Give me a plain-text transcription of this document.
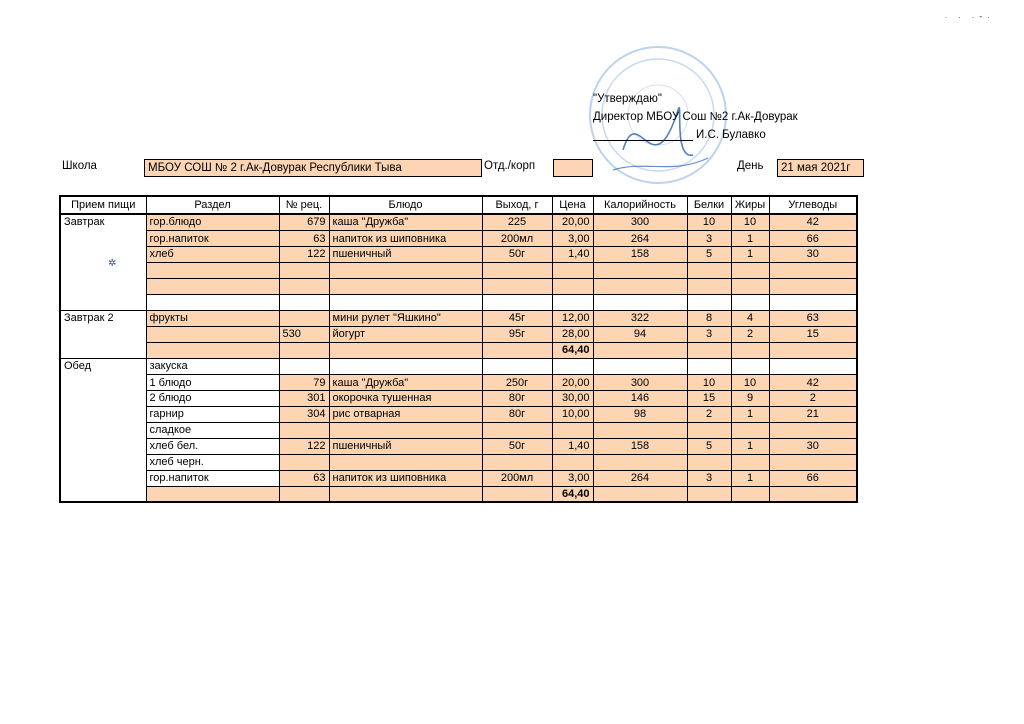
· · ·⁃·
"Утверждаю"
Директор МБОУ Сош №2 г.Ак-Довурак
И.С. Булавко
Школа	МБОУ СОШ № 2 г.Ак-Довурак Республики Тыва	Отд./корп	День	21 мая 2021г
Прием пищи	Раздел	№ рец.	Блюдо	Выход, г	Цена	Калорийность	Белки	Жиры	Углеводы
Завтрак	гор.блюдо	679	каша "Дружба"	225	20,00	300	10	10	42
	гор.напиток	63	напиток из шиповника	200мл	3,00	264	3	1	66
	хлеб	122	пшеничный	50г	1,40	158	5	1	30

Завтрак 2	фрукты		мини рулет "Яшкино"	45г	12,00	322	8	4	63
		530	йогурт	95г	28,00	94	3	2	15
					64,40				
Обед	закуска								
	1 блюдо	79	каша "Дружба"	250г	20,00	300	10	10	42
	2 блюдо	301	окорочка тушенная	80г	30,00	146	15	9	2
	гарнир	304	рис отварная	80г	10,00	98	2	1	21
	сладкое								
	хлеб бел.	122	пшеничный	50г	1,40	158	5	1	30
	хлеб черн.								
	гор.напиток	63	напиток из шиповника	200мл	3,00	264	3	1	66
					64,40				
✲
